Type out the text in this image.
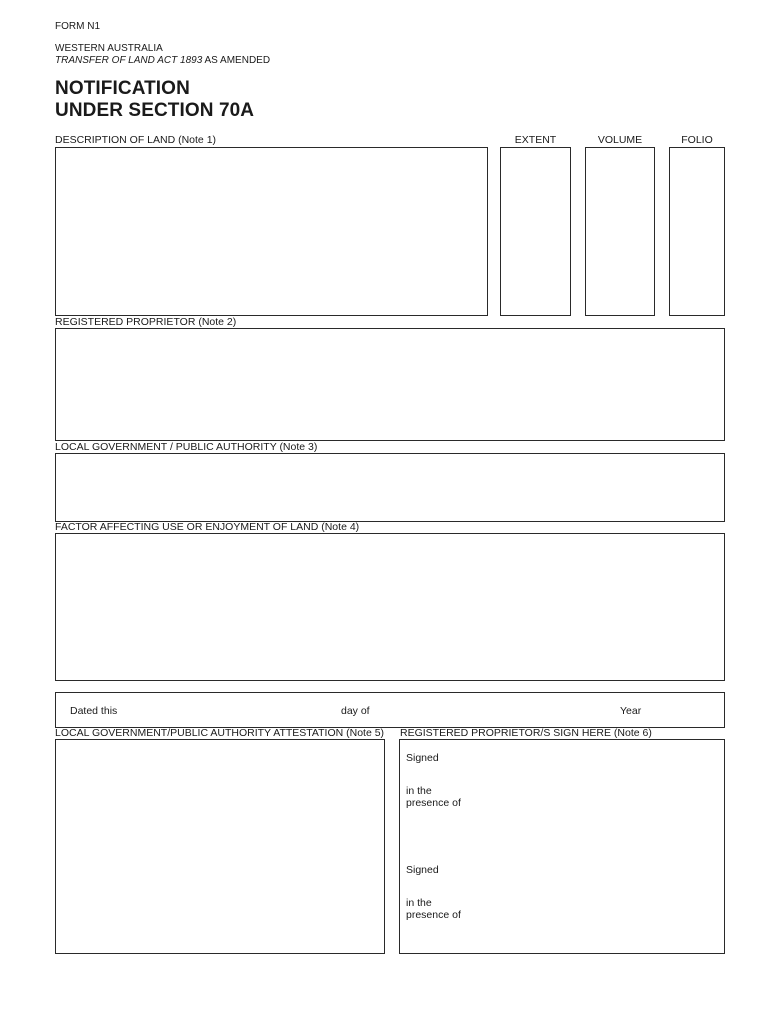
FORM N1
WESTERN AUSTRALIA
TRANSFER OF LAND ACT 1893 AS AMENDED
NOTIFICATION
UNDER SECTION 70A
DESCRIPTION OF LAND (Note 1)	EXTENT	VOLUME	FOLIO
REGISTERED PROPRIETOR (Note 2)
LOCAL GOVERNMENT / PUBLIC AUTHORITY (Note 3)
FACTOR AFFECTING USE OR ENJOYMENT OF LAND (Note 4)
Dated this	day of	Year
LOCAL GOVERNMENT/PUBLIC AUTHORITY ATTESTATION (Note 5) REGISTERED PROPRIETOR/S SIGN HERE (Note 6)
Signed
in the
presence of
Signed
in the
presence of
